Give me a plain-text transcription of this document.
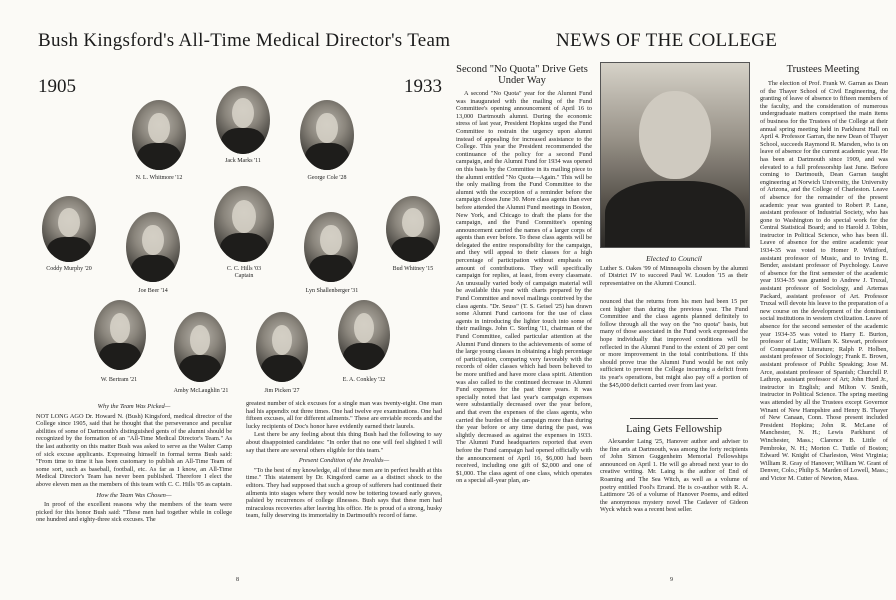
Bush Kingsford's All-Time Medical Director's Team
1905	1933
Jack Marks '11
N. L. Whitmore '12	George Cole '28
Coddy Murphy '20	C. C. Hills '03
Captain
Bud Whitney '15
Joe Beer '14	Lyn Shallenberger '31
W. Bertram '21
Amby McLaughlin '21	Jim Picken '27
E. A. Conkley '32
Why the Team Was Picked—

NOT LONG AGO Dr. Howard N. (Bush) Kingsford, medical director of the College since 1905, said that he thought that the perseverance and peculiar abilities of some of Dartmouth's distinguished gents of the alumni should be recognized by the formation of an "All-Time Medical Director's Team." As the last authority on this matter Bush was asked to serve as the Walter Camp of sick excuse applicants. Expressing himself in formal terms Bush said: "From time to time it has been customary to publish an All-Time Team of some sort, such as baseball, football, etc. As far as I know, an All-Time Medical Director's Team has never been published. Therefore I elect the above eleven men as the members of this team with C. C. Hills '05 as captain.

How the Team Was Chosen—

In proof of the excellent reasons why the members of the team were picked for this honor Bush said: "These men had together while in college one hundred and eighty-three sick excuses. The

greatest number of sick excuses for a single man was twenty-eight. One man had his appendix out three times. One had twelve eye examinations. One had fifteen excuses, all for different ailments." These are enviable records and the lucky recipients of Doc's honor have evidently earned their laurels.

Lest there be any feeling about this thing Bush had the following to say about disappointed candidates: "In order that no one will feel slighted I will say that there are several others eligible for this team."

Present Condition of the Invalids—

"To the best of my knowledge, all of these men are in perfect health at this time." This statement by Dr. Kingsford came as a distinct shock to the editors. They had supposed that such a group of sufferers had continued their ailments into stages where they would now be tottering toward early graves, palsied by recurrences of college illnesses. Bush says that these men had miraculous recoveries after leaving his office. He is proud of a strong, husky team, fully deserving its immortality in Dartmouth's record of fame.

8
NEWS OF THE COLLEGE
Second "No Quota" Drive Gets Under Way

A second "No Quota" year for the Alumni Fund was inaugurated with the mailing of the Fund Committee's opening announcement of April 16 to 13,000 Dartmouth alumni. During the economic stress of last year, President Hopkins urged the Fund Committee to restrain the urgency upon alumni instead of appealing for increased assistance to the College. This year the President recommended the continuance of the policy for a second Fund campaign, and the Alumni Fund for 1934 was opened on this basis by the Committee in its mailing piece to the alumni entitled "No Quota—Again." This will be the only mailing from the Fund Committee to the alumni with the exception of a reminder before the campaign closes June 30. More class agents than ever before attended the Alumni Fund meetings in Boston, New York, and Chicago to draft the plans for the campaign, and the Fund Committee's opening announcement carried the names of a larger corps of agents than ever before. To these class agents will be delegated the entire responsibility for the campaign, and they will appeal to their classes for a high percentage of participation without emphasis on amount of contributions. They will specifically campaign for replies, at least, from every classmate. An unusually varied body of campaign material will be available this year with charts prepared by the Fund Committee and novel mailings contrived by the class agents. "Dr. Seuss" (T. S. Geisel '25) has drawn some Alumni Fund cartoons for the use of class agents in introducing the lighter touch into some of their mailings. John C. Sterling '11, chairman of the Fund Committee, called particular attention at the Alumni Fund dinners to the achievements of some of the large young classes in obtaining a high percentage of participation, comparing very favorably with the records of older classes which had been believed to be more unified and have more class spirit. Attention was also called to the continued decrease in Alumni Fund expenses for the past three years. It was specially noted that last year's campaign expenses were substantially decreased over the year before, and that even the expenses of the class agents, who carried the burden of the campaign more than during the year before or any time during the past, was slightly decreased as against the expenses in 1933. The Alumni Fund headquarters reported that even before the Fund campaign had opened officially with the announcement of April 16, $6,000 had been received, including one gift of $2,000 and one of $1,000. The class agent of one class, which operates on a special all-year plan, an-

Elected to Council

Luther S. Oakes '99 of Minneapolis chosen by the alumni of District IV to succeed Paul W. Loudon '15 as their representative on the Alumni Council.

nounced that the returns from his men had been 15 per cent higher than during the previous year. The Fund Committee and the class agents planned definitely to follow through all the way on the "no quota" basis, but many of those associated in the Fund work expressed the hope individually that improved conditions will be reflected in the Alumni Fund to the extent of 20 per cent or more improvement in the total contributions. If this should prove true the Alumni Fund would be not only sufficient to prevent the College incurring a deficit from its year's operations, but might also pay off a portion of the $45,000 deficit carried over from last year.

Laing Gets Fellowship

Alexander Laing '25, Hanover author and adviser to the fine arts at Dartmouth, was among the forty recipients of John Simon Guggenheim Memorial Fellowships announced on April 1. He will go abroad next year to do creative writing. Mr. Laing is the author of End of Roaming and The Sea Witch, as well as a volume of poetry entitled Fool's Errand. He is co-author with R. A. Lattimore '26 of a volume of Hanover Poems, and edited the anonymous mystery novel The Cadaver of Gideon Wyck which was a recent best seller.

Trustees Meeting

The election of Prof. Frank W. Garran as Dean of the Thayer School of Civil Engineering, the granting of leave of absence to fifteen members of the faculty, and the consideration of numerous undergraduate matters comprised the main items of business for the Trustees of the College at their annual spring meeting held in Parkhurst Hall on April 4. Professor Garran, the new Dean of Thayer School, succeeds Raymond R. Marsden, who is on leave of absence for the current academic year. He has been at Dartmouth since 1909, and was elevated to a full professorship last June. Before coming to Dartmouth, Dean Garran taught engineering at Norwich University, the University of Arizona, and the College of Charleston. Leave of absence for the remainder of the present academic year was granted to Robert P. Lane, assistant professor of Industrial Society, who has gone to Washington to do special work for the Central Statistical Board; and to Harold J. Tobin, instructor in Political Science, who has been ill. Leave of absence for the entire academic year 1934-35 was voted to Homer P. Whitford, assistant professor of Music, and to Irving E. Bender, assistant professor of Psychology. Leave of absence for the first semester of the academic year 1934-35 was granted to Andrew J. Truxal, assistant professor of Sociology, and Artemas Packard, assistant professor of Art. Professor Truxal will devote his leave to the preparation of a new course on the development of the dominant social institutions in western civilization. Leave of absence for the second semester of the academic year 1934-35 was voted to Harry E. Burton, professor of Latin; William K. Stewart, professor of Comparative Literature; Ralph P. Holben, assistant professor of Sociology; Frank E. Brown, assistant professor of Public Speaking; Jose M. Arce, assistant professor of Spanish; Churchill P. Lathrop, assistant professor of Art; John Hurd Jr., instructor in English; and Milton V. Smith, instructor in Political Science. The spring meeting was attended by all the Trustees except Governor Winant of New Hampshire and Henry B. Thayer of New Canaan, Conn. Those present included President Hopkins; John R. McLane of Manchester, N. H.; Lewis Parkhurst of Winchester, Mass.; Clarence B. Little of Pembroke, N. H.; Morton C. Tuttle of Boston; Edward W. Knight of Charleston, West Virginia; William R. Gray of Hanover; William W. Grant of Denver, Colo.; Philip S. Marden of Lowell, Mass.; and Victor M. Cutter of Newton, Mass.

9
